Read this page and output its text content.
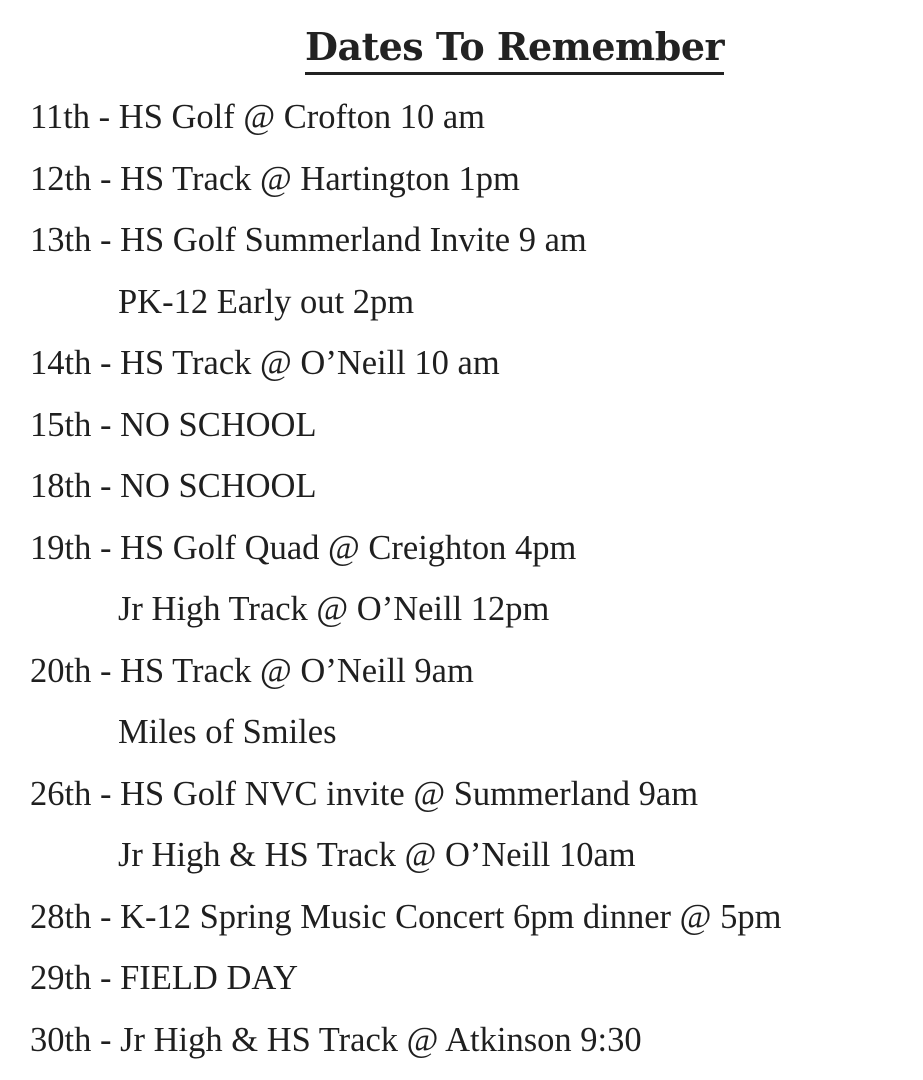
Dates To Remember
11th - HS Golf @ Crofton 10 am
12th - HS Track @ Hartington 1pm
13th - HS Golf Summerland Invite 9 am
PK-12 Early out 2pm
14th - HS Track @ O’Neill 10 am
15th - NO SCHOOL
18th - NO SCHOOL
19th - HS Golf Quad @ Creighton 4pm
Jr High Track @ O’Neill 12pm
20th - HS Track @ O’Neill 9am
Miles of Smiles
26th - HS Golf NVC invite @ Summerland 9am
Jr High & HS Track @ O’Neill 10am
28th - K-12 Spring Music Concert 6pm dinner @ 5pm
29th - FIELD DAY
30th - Jr High & HS Track @ Atkinson 9:30
